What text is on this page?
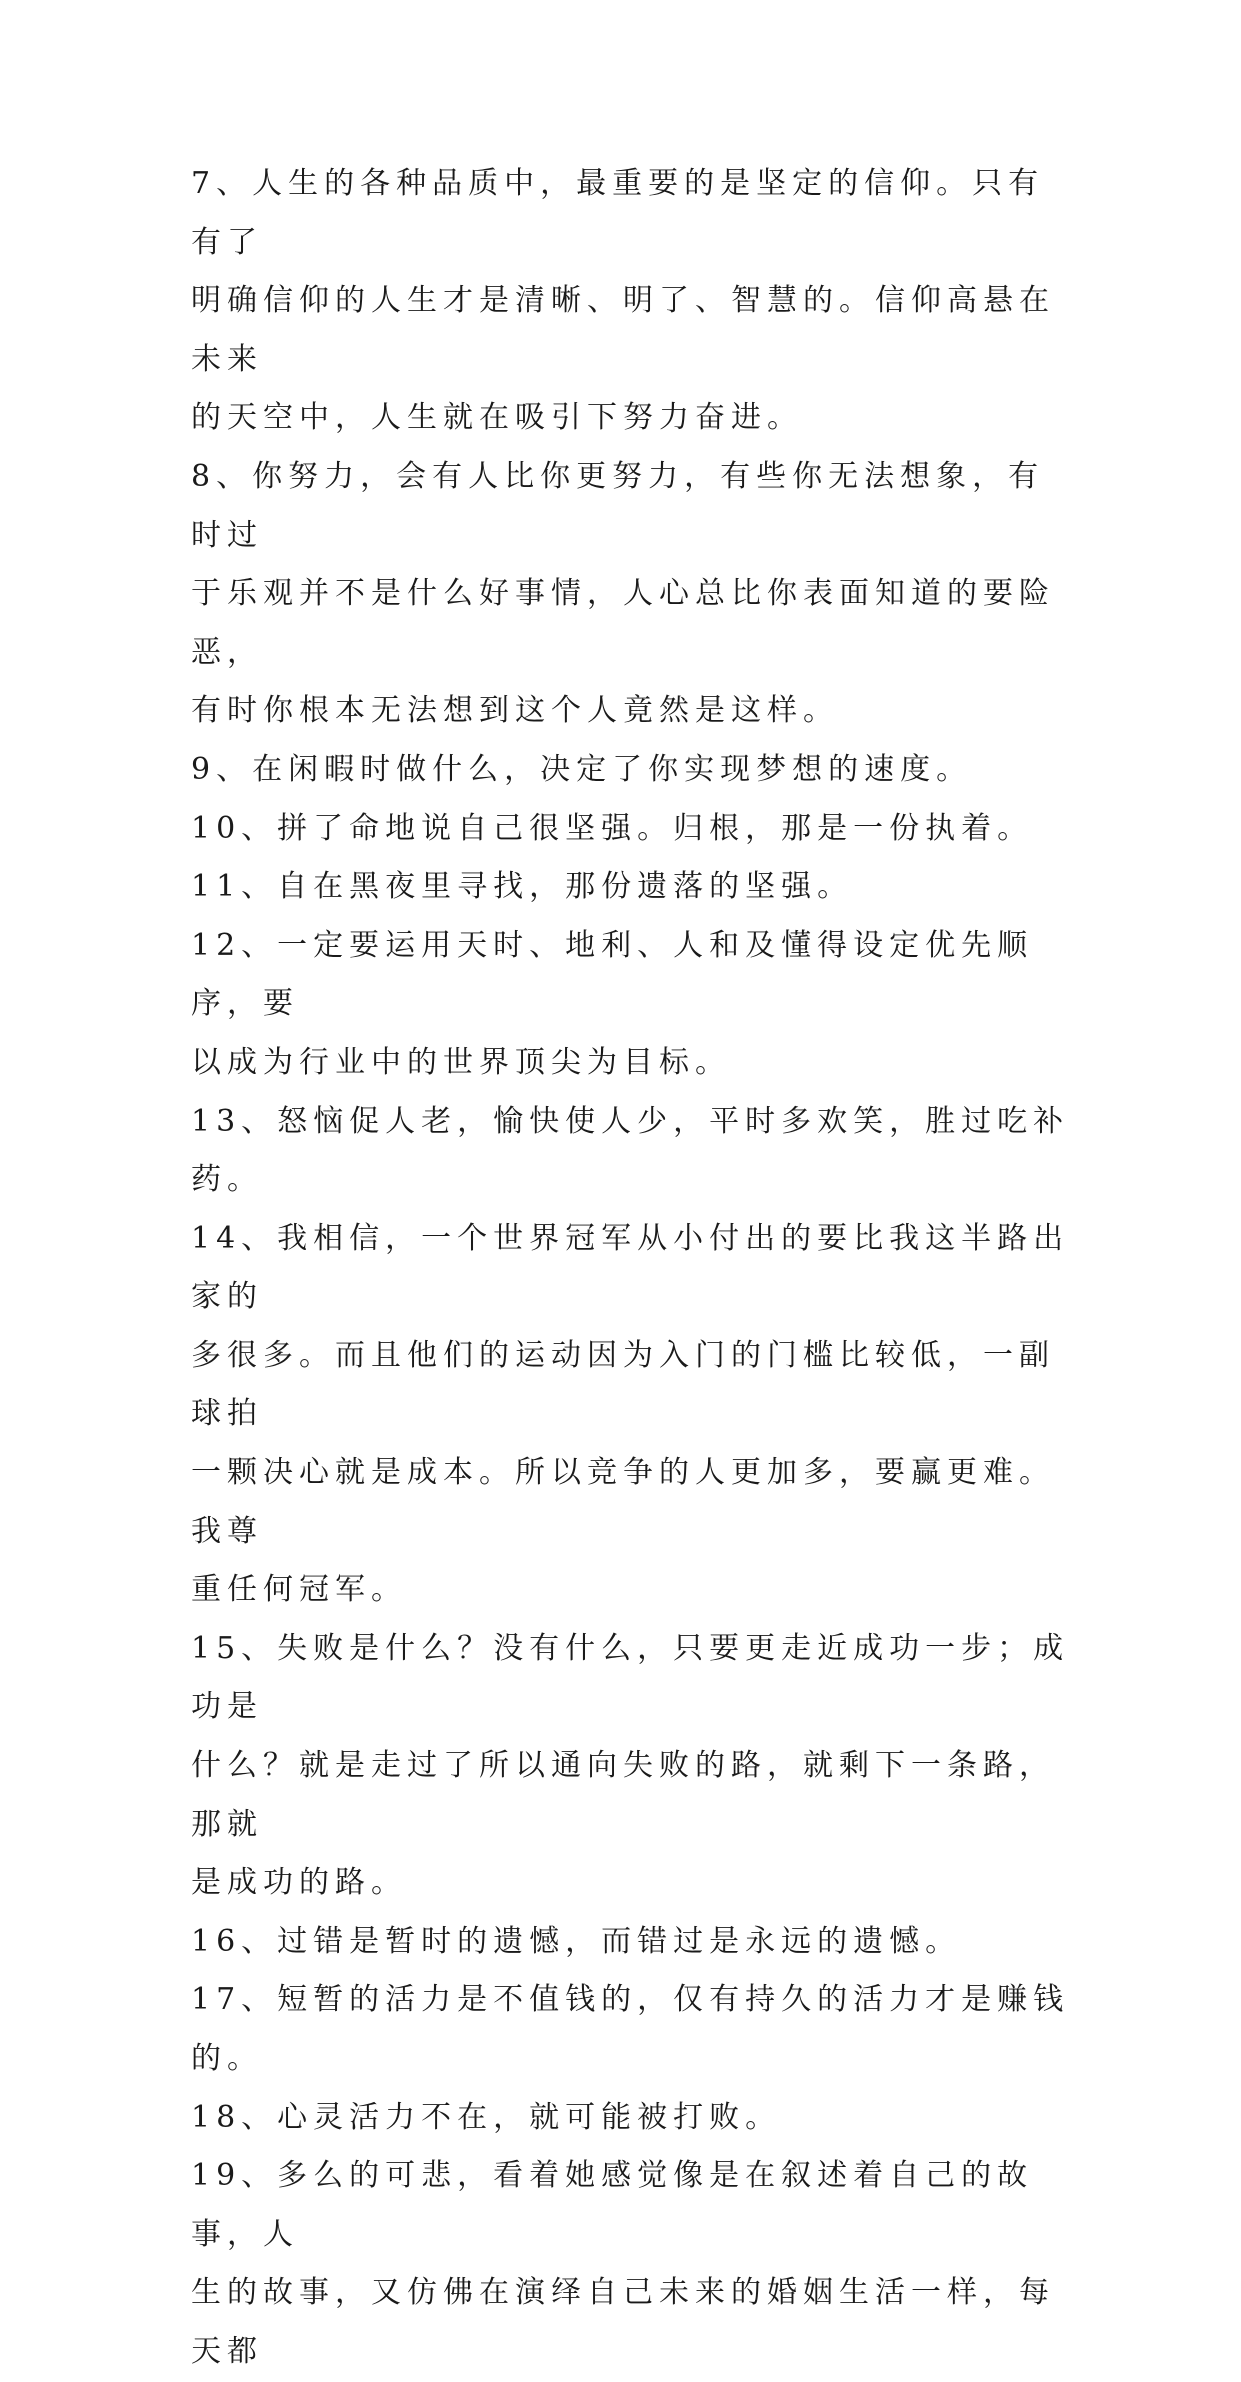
7、人生的各种品质中，最重要的是坚定的信仰。只有有了
明确信仰的人生才是清晰、明了、智慧的。信仰高悬在未来
的天空中，人生就在吸引下努力奋进。

8、你努力，会有人比你更努力，有些你无法想象，有时过
于乐观并不是什么好事情，人心总比你表面知道的要险恶，
有时你根本无法想到这个人竟然是这样。

9、在闲暇时做什么，决定了你实现梦想的速度。

10、拼了命地说自己很坚强。归根，那是一份执着。

11、自在黑夜里寻找，那份遗落的坚强。

12、一定要运用天时、地利、人和及懂得设定优先顺序，要
以成为行业中的世界顶尖为目标。

13、怒恼促人老，愉快使人少，平时多欢笑，胜过吃补药。

14、我相信，一个世界冠军从小付出的要比我这半路出家的
多很多。而且他们的运动因为入门的门槛比较低，一副球拍
一颗决心就是成本。所以竞争的人更加多，要赢更难。我尊
重任何冠军。

15、失败是什么？没有什么，只要更走近成功一步；成功是
什么？就是走过了所以通向失败的路，就剩下一条路，那就
是成功的路。

16、过错是暂时的遗憾，而错过是永远的遗憾。

17、短暂的活力是不值钱的，仅有持久的活力才是赚钱的。

18、心灵活力不在，就可能被打败。

19、多么的可悲，看着她感觉像是在叙述着自己的故事，人
生的故事，又仿佛在演绎自己未来的婚姻生活一样，每天都
